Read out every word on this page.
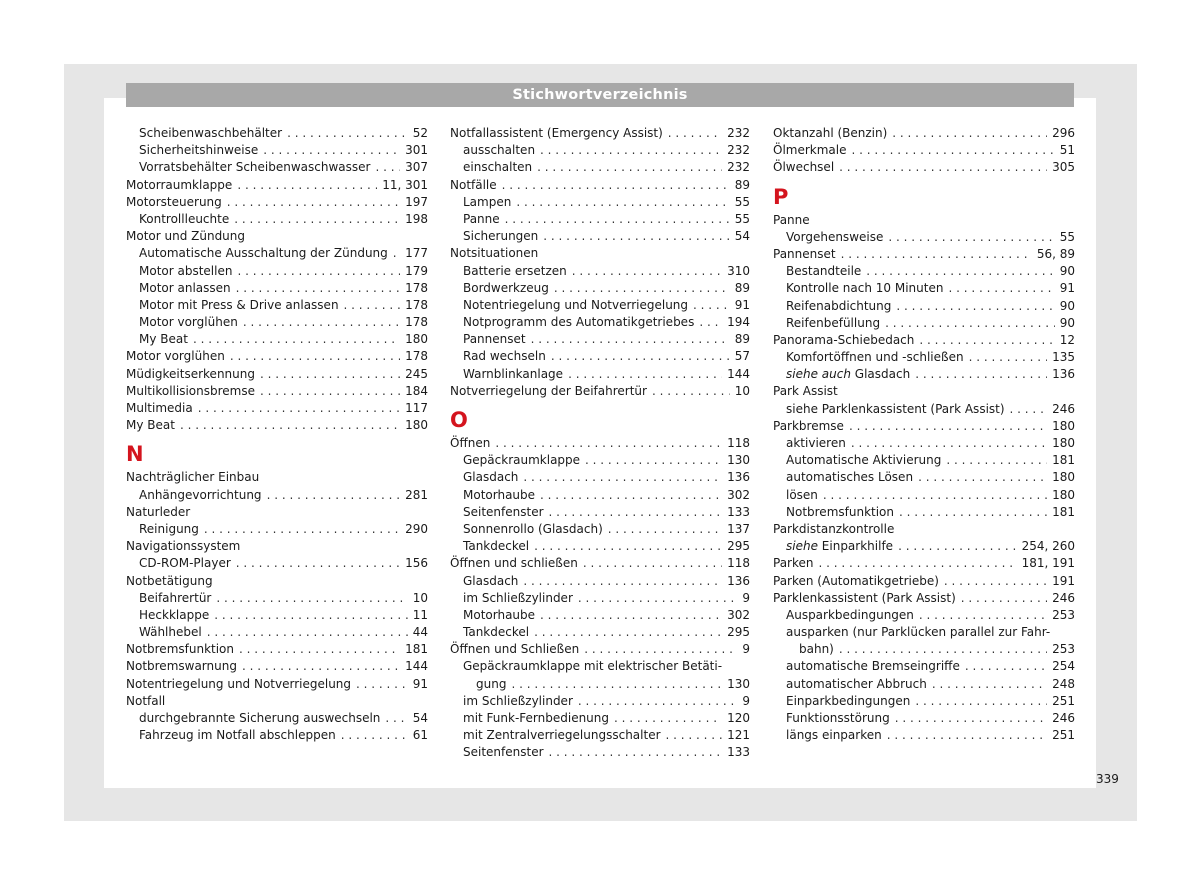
Stichwortverzeichnis
Scheibenwaschbehälter . . .	52
Sicherheitshinweise . . .	301
Vorratsbehälter Scheibenwaschwasser . . .	307
Motorraumklappe . . .	11, 301
Motorsteuerung . . .	197
Kontrollleuchte . . .	198
Motor und Zündung
Automatische Ausschaltung der Zündung . . . 177
Motor abstellen . . .	179
Motor anlassen . . .	178
Motor mit Press & Drive anlassen . . .	178
Motor vorglühen . . .	178
My Beat . . .	180
Motor vorglühen . . .	178
Müdigkeitserkennung . . .	245
Multikollisionsbremse . . .	184
Multimedia . . .	117
My Beat . . .	180
N
Nachträglicher Einbau
Anhängevorrichtung . . .	281
Naturleder
Reinigung . . .	290
Navigationssystem
CD-ROM-Player . . .	156
Notbetätigung
Beifahrertür . . .	10
Heckklappe . . .	11
Wählhebel . . .	44
Notbremsfunktion . . .	181
Notbremswarnung . . .	144
Notentriegelung und Notverriegelung . . .	91
Notfall
durchgebrannte Sicherung auswechseln . . .	54
Fahrzeug im Notfall abschleppen . . .	61
Notfallassistent (Emergency Assist) . . .	232
ausschalten . . .	232
einschalten . . .	232
Notfälle . . .	89
Lampen . . .	55
Panne . . .	55
Sicherungen . . .	54
Notsituationen
Batterie ersetzen . . .	310
Bordwerkzeug . . .	89
Notentriegelung und Notverriegelung . . .	91
Notprogramm des Automatikgetriebes . . .	194
Pannenset . . .	89
Rad wechseln . . .	57
Warnblinkanlage . . .	144
Notverriegelung der Beifahrertür . . .	10
O
Öffnen . . .	118
Gepäckraumklappe . . .	130
Glasdach . . .	136
Motorhaube . . .	302
Seitenfenster . . .	133
Sonnenrollo (Glasdach) . . .	137
Tankdeckel . . .	295
Öffnen und schließen . . .	118
Glasdach . . .	136
im Schließzylinder . . .	9
Motorhaube . . .	302
Tankdeckel . . .	295
Öffnen und Schließen . . .	9
Gepäckraumklappe mit elektrischer Betäti-
gung . . .	130
im Schließzylinder . . .	9
mit Funk-Fernbedienung . . .	120
mit Zentralverriegelungsschalter . . .	121
Seitenfenster . . .	133
Oktanzahl (Benzin) . . .	296
Ölmerkmale . . .	51
Ölwechsel . . .	305
P
Panne
Vorgehensweise . . .	55
Pannenset . . .	56, 89
Bestandteile . . .	90
Kontrolle nach 10 Minuten . . .	91
Reifenabdichtung . . .	90
Reifenbefüllung . . .	90
Panorama-Schiebedach . . .	12
Komfortöffnen und -schließen . . .	135
siehe auch Glasdach . . .	136
Park Assist
siehe Parklenkassistent (Park Assist) . . .	246
Parkbremse . . .	180
aktivieren . . .	180
Automatische Aktivierung . . .	181
automatisches Lösen . . .	180
lösen . . .	180
Notbremsfunktion . . .	181
Parkdistanzkontrolle
siehe Einparkhilfe . . .	254, 260
Parken . . .	181, 191
Parken (Automatikgetriebe) . . .	191
Parklenkassistent (Park Assist) . . .	246
Ausparkbedingungen . . .	253
ausparken (nur Parklücken parallel zur Fahr-
bahn) . . .	253
automatische Bremseingriffe . . .	254
automatischer Abbruch . . .	248
Einparkbedingungen . . .	251
Funktionsstörung . . .	246
längs einparken . . .	251
339
